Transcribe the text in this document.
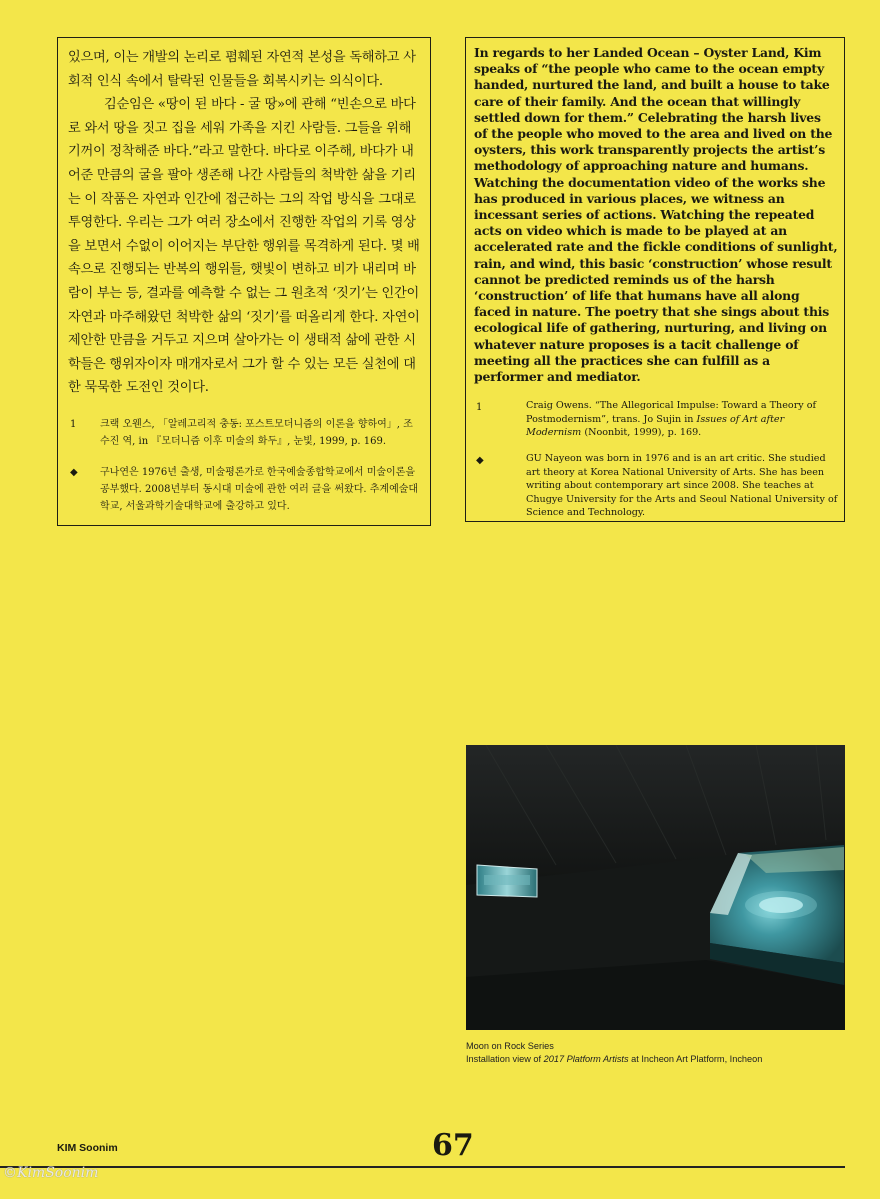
있으며, 이는 개발의 논리로 폄훼된 자연적 본성을 독해하고 사회적 인식 속에서 탈락된 인물들을 회복시키는 의식이다.

김순임은 «땅이 된 바다 - 굴 땅»에 관해 “빈손으로 바다로 와서 땅을 짓고 집을 세워 가족을 지킨 사람들. 그들을 위해 기꺼이 정착해준 바다.”라고 말한다. 바다로 이주해, 바다가 내어준 만큼의 굴을 팔아 생존해 나간 사람들의 척박한 삶을 기리는 이 작품은 자연과 인간에 접근하는 그의 작업 방식을 그대로 투영한다. 우리는 그가 여러 장소에서 진행한 작업의 기록 영상을 보면서 수없이 이어지는 부단한 행위를 목격하게 된다. 몇 배속으로 진행되는 반복의 행위들, 햇빛이 변하고 비가 내리며 바람이 부는 등, 결과를 예측할 수 없는 그 원초적 ‘짓기’는 인간이 자연과 마주해왔던 척박한 삶의 ‘짓기’를 떠올리게 한다. 자연이 제안한 만큼을 거두고 지으며 살아가는 이 생태적 삶에 관한 시학들은 행위자이자 매개자로서 그가 할 수 있는 모든 실천에 대한 묵묵한 도전인 것이다.

1	크랙 오웬스, 「알레고리적 충동: 포스트모더니즘의 이론을 향하여」, 조수진 역, in 『모더니즘 이후 미술의 화두』, 눈빛, 1999, p. 169.
◆	구나연은 1976년 출생, 미술평론가로 한국예술종합학교에서 미술이론을 공부했다. 2008년부터 동시대 미술에 관한 여러 글을 써왔다. 추계예술대학교, 서울과학기술대학교에 출강하고 있다.

In regards to her Landed Ocean – Oyster Land, Kim speaks of “the people who came to the ocean empty handed, nurtured the land, and built a house to take care of their family. And the ocean that willingly settled down for them.” Celebrating the harsh lives of the people who moved to the area and lived on the oysters, this work transparently projects the artist’s methodology of approaching nature and humans. Watching the documentation video of the works she has produced in various places, we witness an incessant series of actions. Watching the repeated acts on video which is made to be played at an accelerated rate and the fickle conditions of sunlight, rain, and wind, this basic ‘construction’ whose result cannot be predicted reminds us of the harsh ‘construction’ of life that humans have all along faced in nature. The poetry that she sings about this ecological life of gathering, nurturing, and living on whatever nature proposes is a tacit challenge of meeting all the practices she can fulfill as a performer and mediator.

1	Craig Owens. “The Allegorical Impulse: Toward a Theory of Postmodernism”, trans. Jo Sujin in Issues of Art after Modernism (Noonbit, 1999), p. 169.
◆	GU Nayeon was born in 1976 and is an art critic. She studied art theory at Korea National University of Arts. She has been writing about contemporary art since 2008. She teaches at Chugye University for the Arts and Seoul National University of Science and Technology.
Moon on Rock Series
Installation view of 2017 Platform Artists at Incheon Art Platform, Incheon
KIM Soonim	67
©KimSoonim
